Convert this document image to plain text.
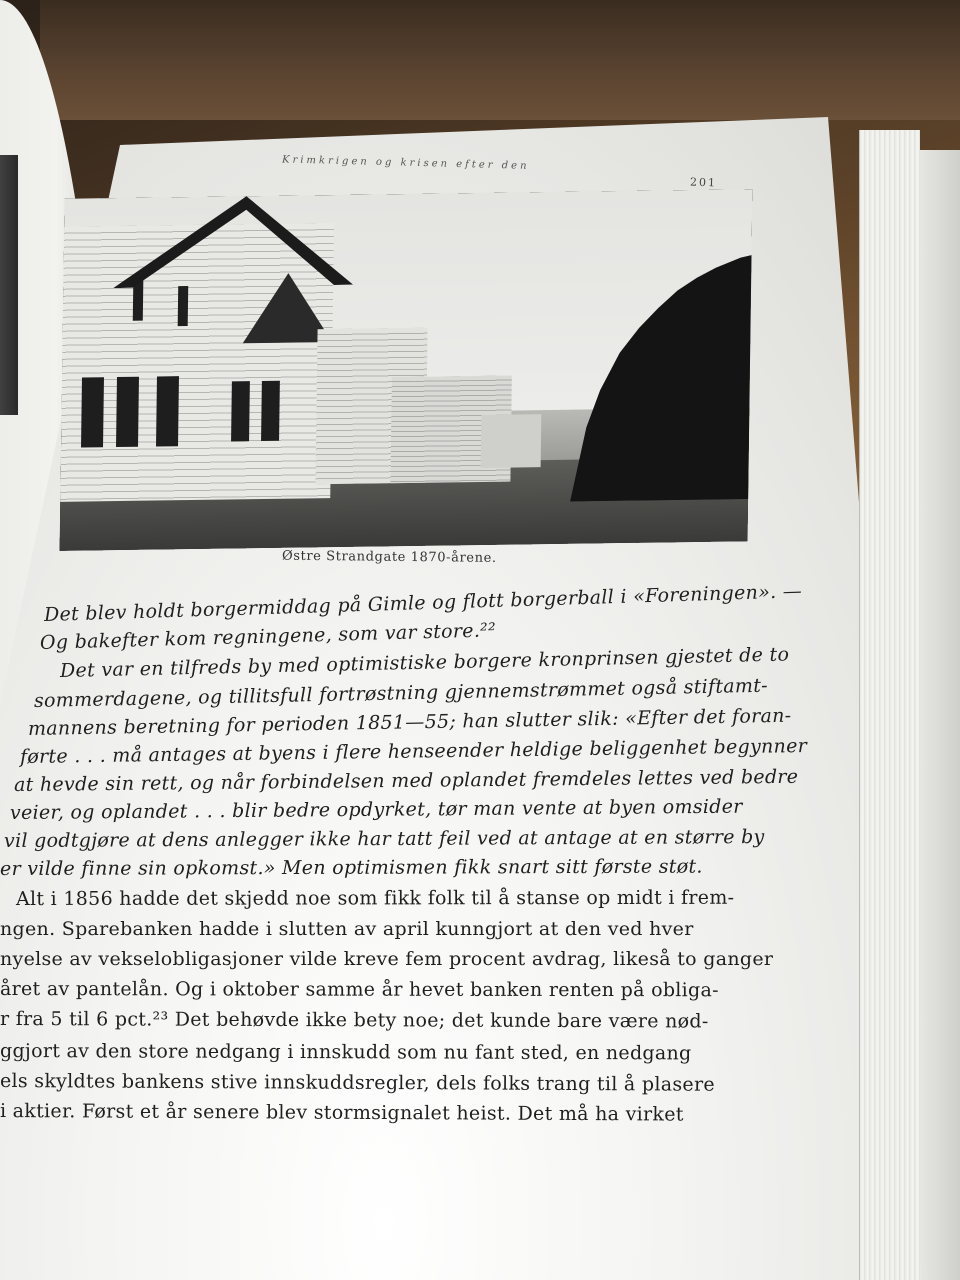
Krimkrigen og krisen efter den
201
Østre Strandgate 1870-årene.
Det blev holdt borgermiddag på Gimle og flott borgerball i «Foreningen». —
Og bakefter kom regningene, som var store.²²
Det var en tilfreds by med optimistiske borgere kronprinsen gjestet de to
sommerdagene, og tillitsfull fortrøstning gjennemstrømmet også stiftamt-
mannens beretning for perioden 1851—55; han slutter slik: «Efter det foran-
førte . . . må antages at byens i flere henseender heldige beliggenhet begynner
at hevde sin rett, og når forbindelsen med oplandet fremdeles lettes ved bedre
veier, og oplandet . . . blir bedre opdyrket, tør man vente at byen omsider
vil godtgjøre at dens anlegger ikke har tatt feil ved at antage at en større by
er vilde finne sin opkomst.» Men optimismen fikk snart sitt første støt.
Alt i 1856 hadde det skjedd noe som fikk folk til å stanse op midt i frem-
ngen. Sparebanken hadde i slutten av april kunngjort at den ved hver
nyelse av vekselobligasjoner vilde kreve fem procent avdrag, likeså to ganger
året av pantelån. Og i oktober samme år hevet banken renten på obliga-
r fra 5 til 6 pct.²³ Det behøvde ikke bety noe; det kunde bare være nød-
ggjort av den store nedgang i innskudd som nu fant sted, en nedgang
els skyldtes bankens stive innskuddsregler, dels folks trang til å plasere
i aktier. Først et år senere blev stormsignalet heist. Det må ha virket
